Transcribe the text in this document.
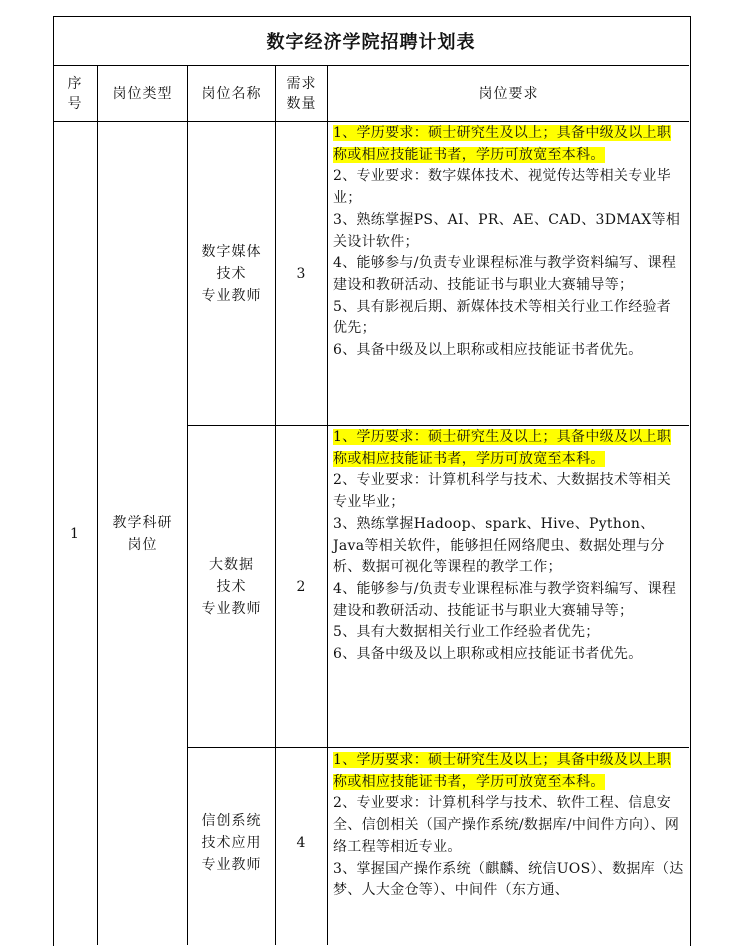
数字经济学院招聘计划表
序
号
岗位类型	岗位名称
需求
数量
岗位要求
1
教学科研
岗位
数字媒体
技术
专业教师
3

1、学历要求：硕士研究生及以上；具备中级及以上职称或相应技能证书者，学历可放宽至本科。

2、专业要求：数字媒体技术、视觉传达等相关专业毕业；

3、熟练掌握PS、AI、PR、AE、CAD、3DMAX等相关设计软件；

4、能够参与/负责专业课程标准与教学资料编写、课程建设和教研活动、技能证书与职业大赛辅导等；

5、具有影视后期、新媒体技术等相关行业工作经验者优先；

6、具备中级及以上职称或相应技能证书者优先。

大数据
技术
专业教师
2

1、学历要求：硕士研究生及以上；具备中级及以上职称或相应技能证书者，学历可放宽至本科。

2、专业要求：计算机科学与技术、大数据技术等相关专业毕业；

3、熟练掌握Hadoop、spark、Hive、Python、Java等相关软件，能够担任网络爬虫、数据处理与分析、数据可视化等课程的教学工作；

4、能够参与/负责专业课程标准与教学资料编写、课程建设和教研活动、技能证书与职业大赛辅导等；

5、具有大数据相关行业工作经验者优先；

6、具备中级及以上职称或相应技能证书者优先。

信创系统
技术应用
专业教师
4

1、学历要求：硕士研究生及以上；具备中级及以上职称或相应技能证书者，学历可放宽至本科。

2、专业要求：计算机科学与技术、软件工程、信息安全、信创相关（国产操作系统/数据库/中间件方向）、网络工程等相近专业。

3、掌握国产操作系统（麒麟、统信UOS）、数据库（达梦、人大金仓等）、中间件（东方通、
